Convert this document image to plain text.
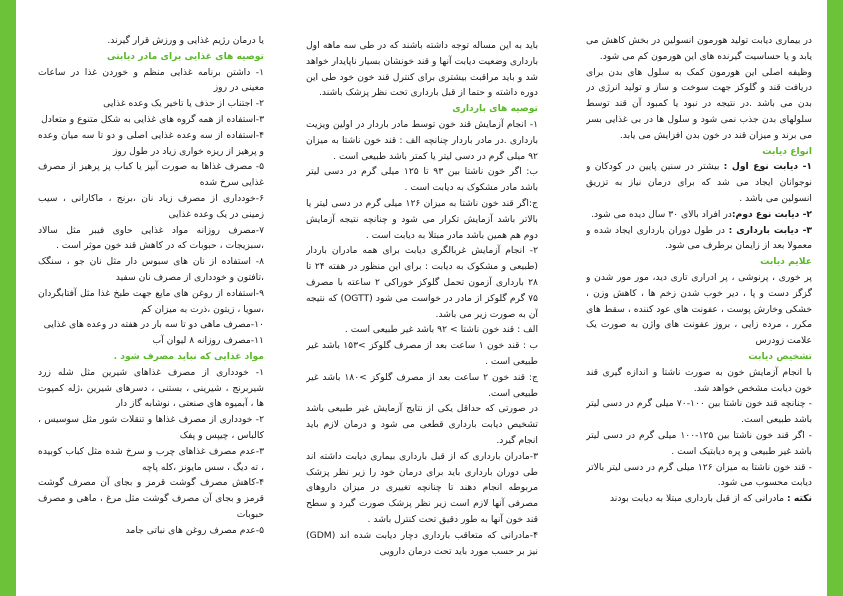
در بیماری دیابت تولید هورمون انسولین در بخش کاهش می یابد و یا حساسیت گیرنده های این هورمون کم می شود.

وظیفه اصلی این هورمون کمک به سلول های بدن برای دریافت قند و گلوکز جهت سوخت و ساز و تولید انرژی در بدن می باشد .در نتیجه در نبود یا کمبود آن قند توسط سلولهای بدن جذب نمی شود و سلول ها در بی غذایی بسر می برند و میزان قند در خون بدن افزایش می یابد.

انواع دیابت

۱- دیابت نوع اول : بیشتر در سنین پایین در کودکان و نوجوانان ایجاد می شد که برای درمان نیاز به تزریق انسولین می باشد .

۲- دیابت نوع دوم:در افراد بالای ۳۰ سال دیده می شود.

۳- دیابت بارداری : در طول دوران بارداری ایجاد شده و معمولا بعد از زایمان برطرف می شود.

علایم دیابت

پر خوری ، پرنوشی ، پر ادراری تاری دید، مور مور شدن و گزگز دست و پا ، دیر خوب شدن زخم ها ، کاهش وزن ، خشکی وخارش پوست ، عفونت های عود کننده ، سقط های مکرر ، مرده زایی ، بروز عفونت های واژن به صورت یک علامت زودرس

تشخیص دیابت

با انجام آزمایش خون به صورت ناشتا و اندازه گیری قند خون دیابت مشخص خواهد شد.

- چنانچه قند خون ناشتا بین ۱۰۰-۷۰ میلی گرم در دسی لیتر باشد طبیعی است.

- اگر قند خون ناشتا بین ۱۲۵-۱۰۰ میلی گرم در دسی لیتر باشد غیر طبیعی و پره دیابتیک است .

- قند خون ناشتا به میزان ۱۲۶ میلی گرم در دسی لیتر بالاتر دیابت محسوب می شود.

نکته : مادرانی که از قبل بارداری مبتلا به دیابت بودند

باید به این مساله توجه داشته باشند که در طی سه ماهه اول بارداری وضعیت دیابت آنها و قند خونشان بسیار ناپایدار خواهد شد و باید مراقبت بیشتری برای کنترل قند خون خود طی این دوره داشته و حتما از قبل بارداری تحت نظر پزشک باشند.

توصیه های بارداری

۱- انجام آزمایش قند خون توسط مادر باردار در اولین ویزیت بارداری .در مادر باردار چنانچه الف : قند خون ناشتا به میزان ۹۲ میلی گرم در دسی لیتر یا کمتر باشد طبیعی است .

ب: اگر خون ناشتا بین ۹۳ تا ۱۲۵ میلی گرم در دسی لیتر باشد مادر مشکوک به دیابت است .

ج:اگر قند خون ناشتا به میزان ۱۲۶ میلی گرم در دسی لیتر یا بالاتر باشد آزمایش تکرار می شود و چنانچه نتیجه آزمایش دوم هم همین باشد مادر مبتلا به دیابت است .

۲- انجام آزمایش غربالگری دیابت برای همه مادران باردار (طبیعی و مشکوک به دیابت : برای این منظور در هفته ۲۴ تا ۲۸ بارداری آزمون تحمل گلوکز خوراکی ۲ ساعته با مصرف ۷۵ گرم گلوکز از مادر در خواست می شود (OGTT) که نتیجه آن به صورت زیر می باشد.

الف : قند خون ناشتا > ۹۲ باشد غیر طبیعی است .

ب : قند خون ۱ ساعت بعد از مصرف گلوکز >۱۵۳ باشد غیر طبیعی است .

ج: قند خون ۲ ساعت بعد از مصرف گلوکز >۱۸۰ باشد غیر طبیعی است.

در صورتی که حداقل یکی از نتایج آزمایش غیر طبیعی باشد تشخیص دیابت بارداری قطعی می شود و درمان لازم باید انجام گیرد.

۳-مادران بارداری که از قبل بارداری بیماری دیابت داشته اند طی دوران بارداری باید برای درمان خود را زیر نظر پزشک مربوطه انجام دهند تا چنانچه تغییری در میزان داروهای مصرفی آنها لازم است زیر نظر پزشک صورت گیرد و سطح قند خون آنها به طور دقیق تحت کنترل باشد .

۴-مادرانی که متعاقب بارداری دچار دیابت شده اند (GDM) نیز بر حسب مورد باید تحت درمان دارویی

یا درمان رژیم غذایی و ورزش قرار گیرند.

توصیه های غذایی برای مادر دیابتی

۱- داشتن برنامه غذایی منظم و خوردن غذا در ساعات معینی در روز

۲- اجتناب از حذف یا تاخیر یک وعده غذایی

۳-استفاده از همه گروه های غذایی به شکل متنوع و متعادل

۴-استفاده از سه وعده غذایی اصلی و دو تا سه میان وعده و پرهیز از ریزه خواری زیاد در طول روز

۵- مصرف غذاها به صورت آبپز یا کباب پز پرهیز از مصرف غذایی سرخ شده

۶-خودداری از مصرف زیاد نان ،برنج ، ماکارانی ، سیب زمینی در یک وعده غذایی

۷-مصرف روزانه مواد غذایی حاوی فیبر مثل سالاد ،سبزیجات ، حبوبات که در کاهش قند خون موثر است .

۸- استفاده از نان های سبوس دار مثل نان جو ، سنگک ،تافتون و خودداری از مصرف نان سفید

۹-استفاده از روغن های مایع جهت طبخ غذا مثل آفتابگردان ،سویا ، زیتون ،ذرت به میزان کم

۱۰-مصرف ماهی دو تا سه بار در هفته در وعده های غذایی

۱۱-مصرف روزانه ۸ لیوان آب

مواد غذایی که نباید مصرف شود .

۱- خودداری از مصرف غذاهای شیرین مثل شله زرد شیربرنج ، شیرینی ، بستنی ، دسرهای شیرین ،ژله کمپوت ها ، آبمیوه های صنعتی ، نوشابه گاز دار

۲- خودداری از مصرف غذاها و تنقلات شور مثل سوسیس ، کالباس ، چیپس و پفک

۳-عدم مصرف غذاهای چرب و سرخ شده مثل کباب کوبیده ، ته دیگ ، سس مایونز ،کله پاچه

۴-کاهش مصرف گوشت قرمز و بجای آن مصرف گوشت قرمز و بجای آن مصرف گوشت مثل مرغ ، ماهی و مصرف حبوبات

۵-عدم مصرف روغن های نباتی جامد
